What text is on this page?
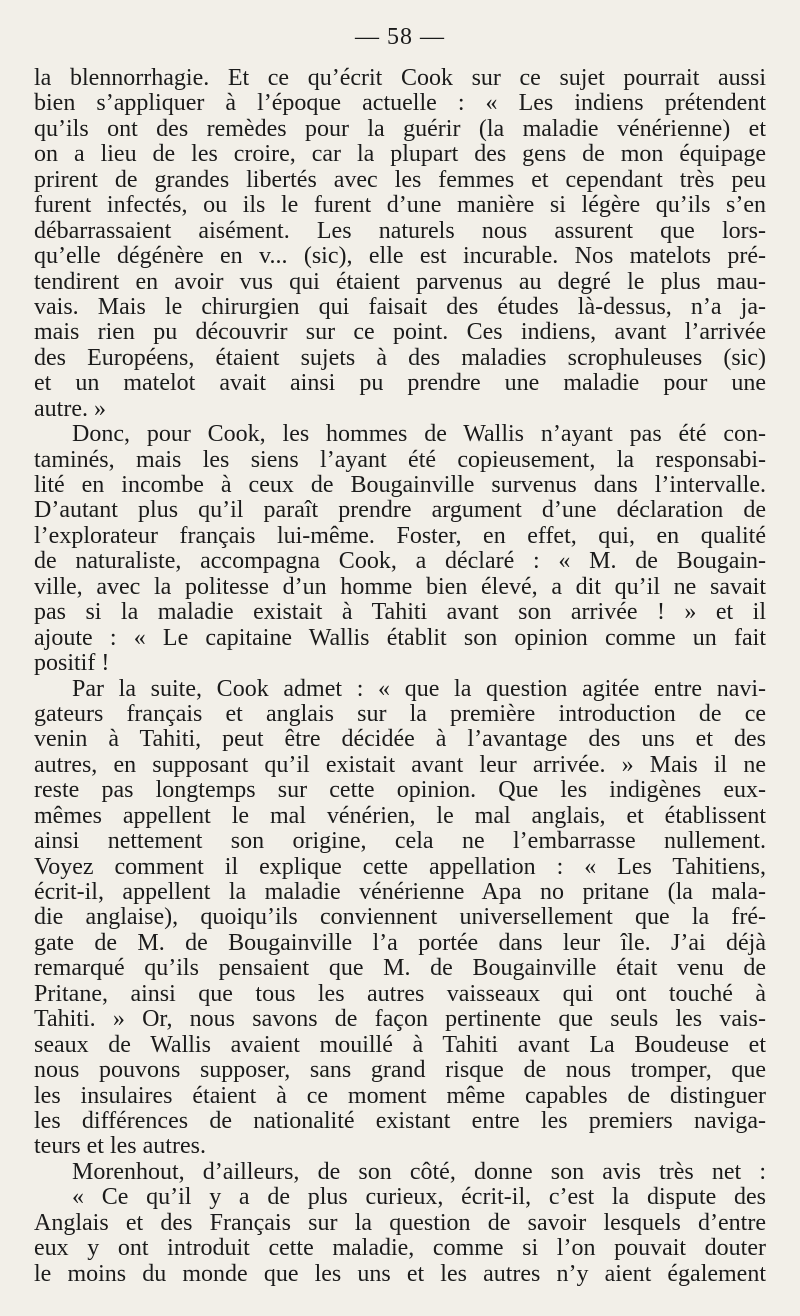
— 58 —
la blennorrhagie. Et ce qu’écrit Cook sur ce sujet pourrait aussi
bien s’appliquer à l’époque actuelle : « Les indiens prétendent
qu’ils ont des remèdes pour la guérir (la maladie vénérienne) et
on a lieu de les croire, car la plupart des gens de mon équipage
prirent de grandes libertés avec les femmes et cependant très peu
furent infectés, ou ils le furent d’une manière si légère qu’ils s’en
débarrassaient aisément. Les naturels nous assurent que lors-
qu’elle dégénère en v... (sic), elle est incurable. Nos matelots pré-
tendirent en avoir vus qui étaient parvenus au degré le plus mau-
vais. Mais le chirurgien qui faisait des études là-dessus, n’a ja-
mais rien pu découvrir sur ce point. Ces indiens, avant l’arrivée
des Européens, étaient sujets à des maladies scrophuleuses (sic)
et un matelot avait ainsi pu prendre une maladie pour une
autre. »
Donc, pour Cook, les hommes de Wallis n’ayant pas été con-
taminés, mais les siens l’ayant été copieusement, la responsabi-
lité en incombe à ceux de Bougainville survenus dans l’intervalle.
D’autant plus qu’il paraît prendre argument d’une déclaration de
l’explorateur français lui-même. Foster, en effet, qui, en qualité
de naturaliste, accompagna Cook, a déclaré : « M. de Bougain-
ville, avec la politesse d’un homme bien élevé, a dit qu’il ne savait
pas si la maladie existait à Tahiti avant son arrivée ! » et il
ajoute : « Le capitaine Wallis établit son opinion comme un fait
positif !
Par la suite, Cook admet : « que la question agitée entre navi-
gateurs français et anglais sur la première introduction de ce
venin à Tahiti, peut être décidée à l’avantage des uns et des
autres, en supposant qu’il existait avant leur arrivée. » Mais il ne
reste pas longtemps sur cette opinion. Que les indigènes eux-
mêmes appellent le mal vénérien, le mal anglais, et établissent
ainsi nettement son origine, cela ne l’embarrasse nullement.
Voyez comment il explique cette appellation : « Les Tahitiens,
écrit-il, appellent la maladie vénérienne Apa no pritane (la mala-
die anglaise), quoiqu’ils conviennent universellement que la fré-
gate de M. de Bougainville l’a portée dans leur île. J’ai déjà
remarqué qu’ils pensaient que M. de Bougainville était venu de
Pritane, ainsi que tous les autres vaisseaux qui ont touché à
Tahiti. » Or, nous savons de façon pertinente que seuls les vais-
seaux de Wallis avaient mouillé à Tahiti avant La Boudeuse et
nous pouvons supposer, sans grand risque de nous tromper, que
les insulaires étaient à ce moment même capables de distinguer
les différences de nationalité existant entre les premiers naviga-
teurs et les autres.
Morenhout, d’ailleurs, de son côté, donne son avis très net :
« Ce qu’il y a de plus curieux, écrit-il, c’est la dispute des
Anglais et des Français sur la question de savoir lesquels d’entre
eux y ont introduit cette maladie, comme si l’on pouvait douter
le moins du monde que les uns et les autres n’y aient également
